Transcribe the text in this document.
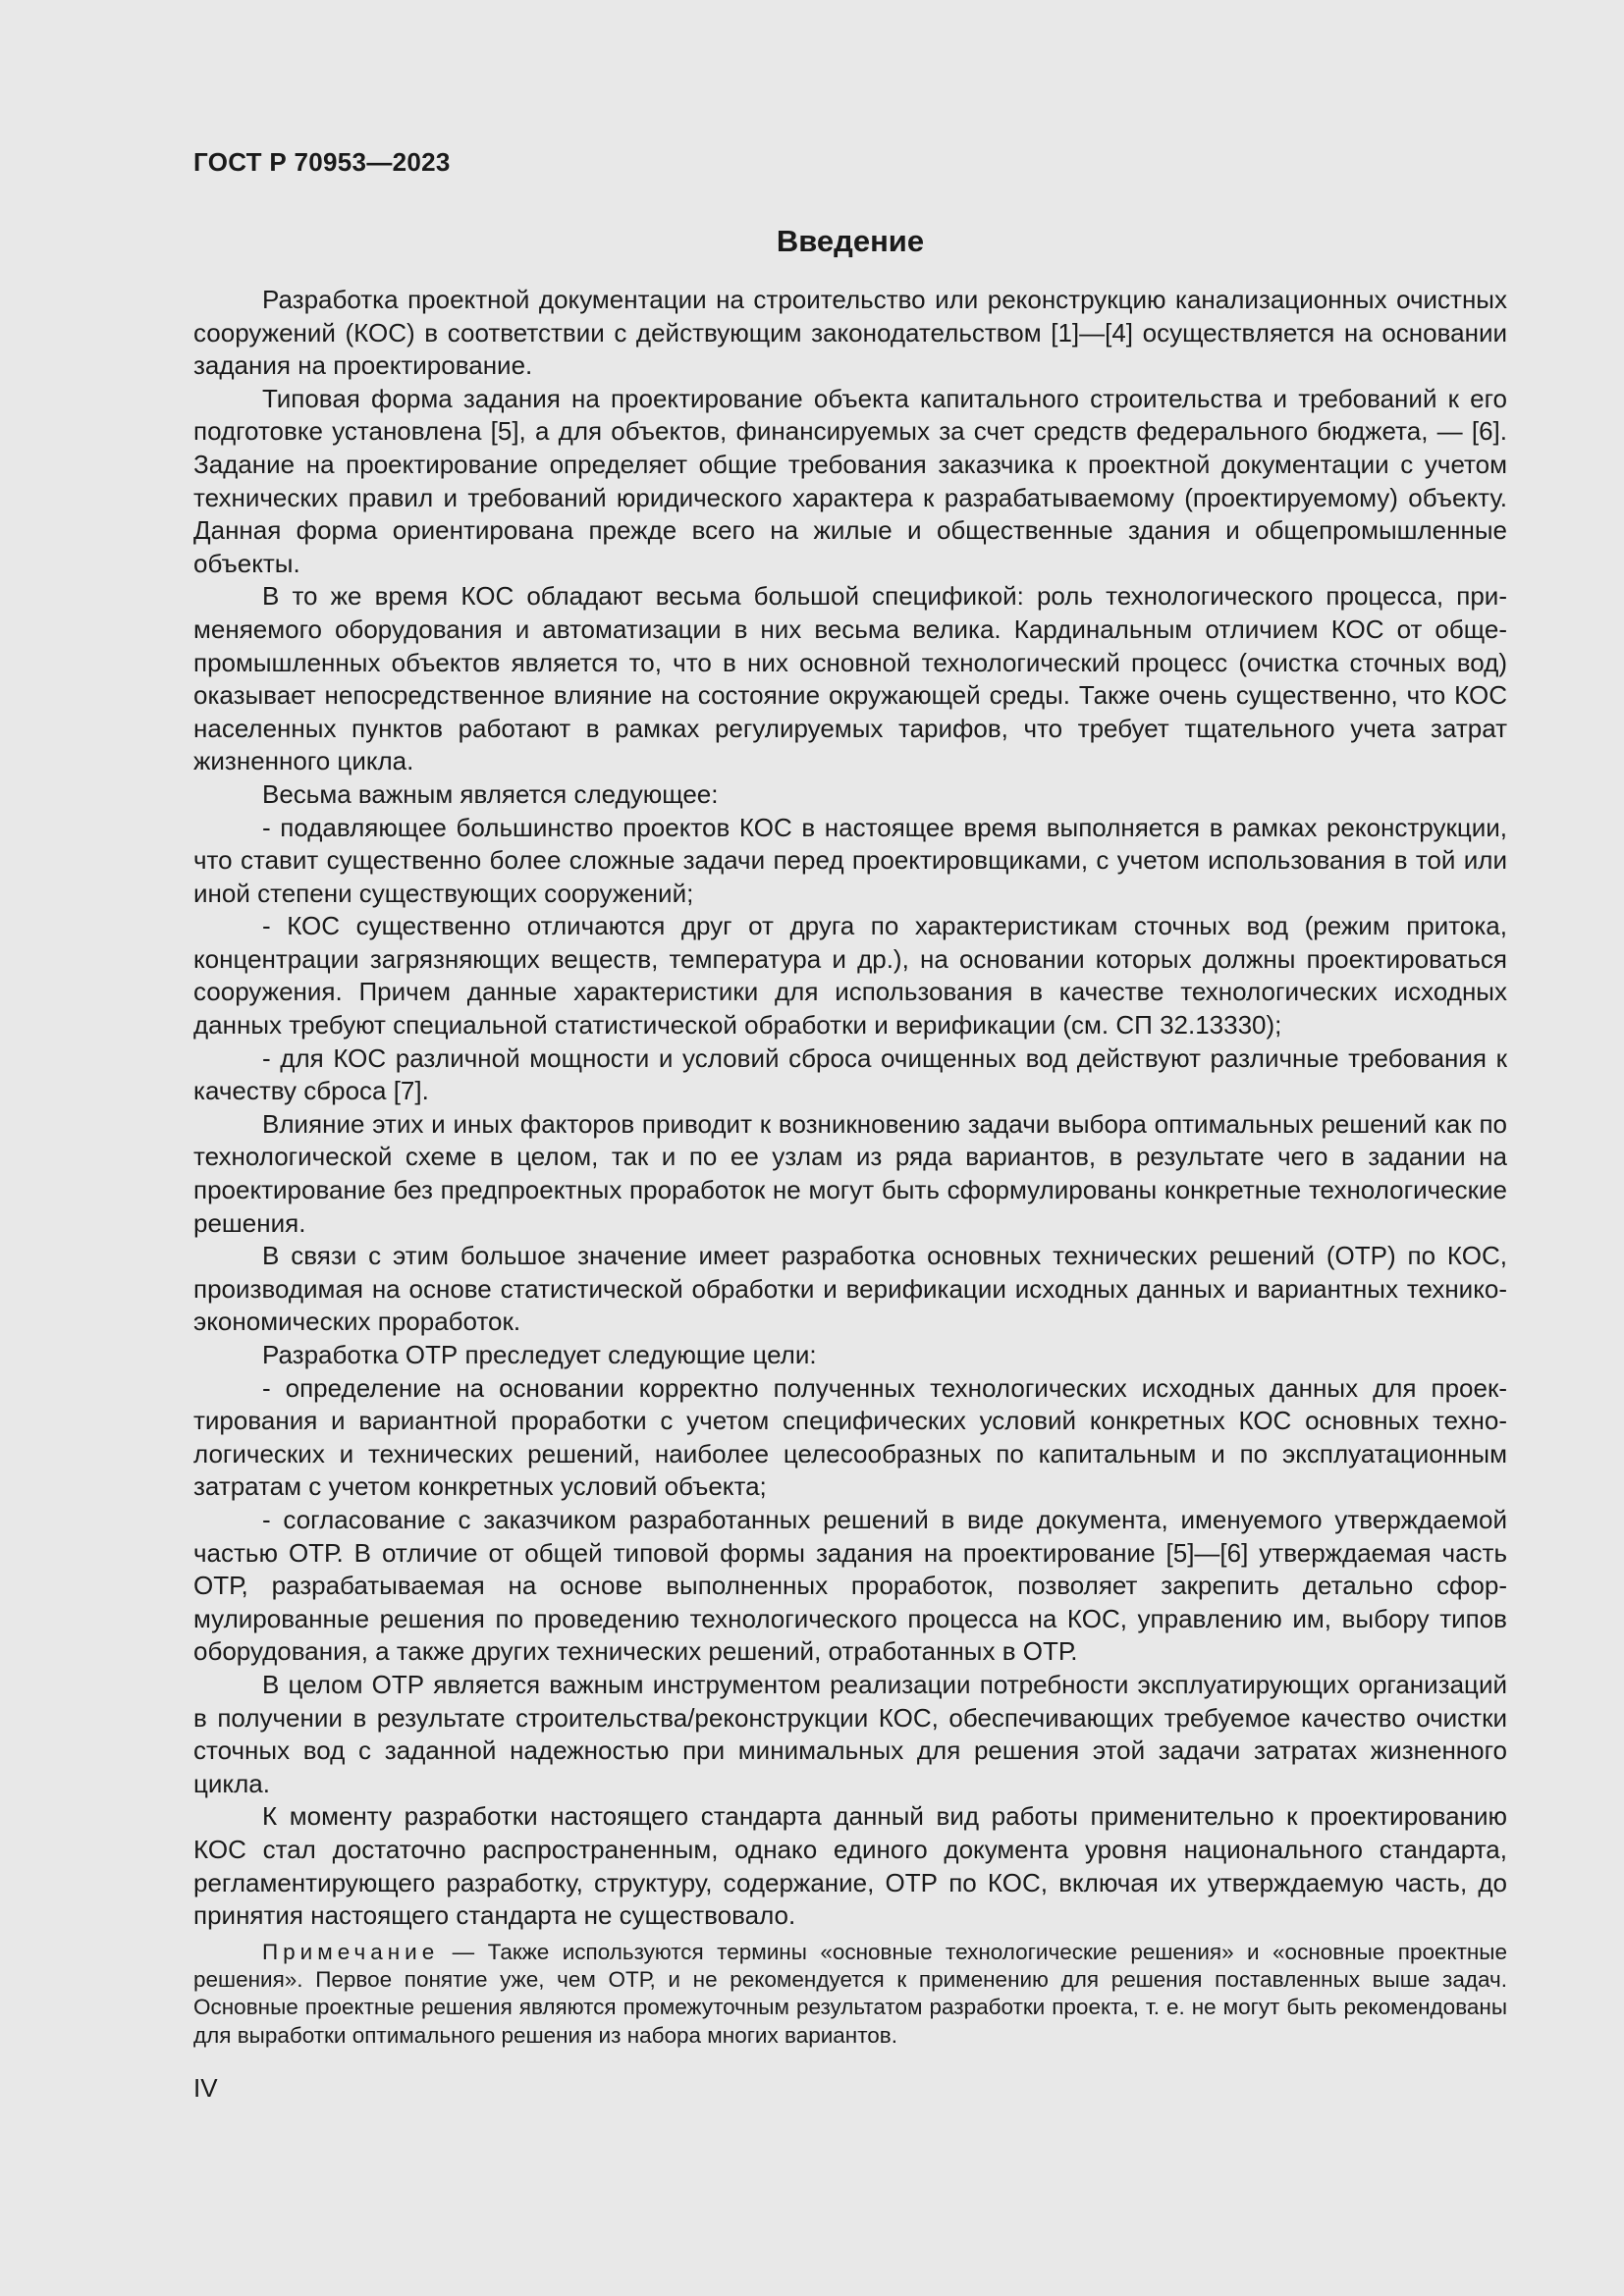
ГОСТ Р 70953—2023
Введение

Разработка проектной документации на строительство или реконструкцию канализационных очистных сооружений (КОС) в соответствии с действующим законодательством [1]—[4] осуществляется на основании задания на проектирование.

Типовая форма задания на проектирование объекта капитального строительства и требований к его подготовке установлена [5], а для объектов, финансируемых за счет средств федерального бюджета, — [6]. Задание на проектирование определяет общие требования заказчика к проектной документации с учетом технических правил и требований юридического характера к разрабатываемому (проектируемому) объекту. Данная форма ориентирована прежде всего на жилые и общественные здания и общепромышленные объекты.

В то же время КОС обладают весьма большой спецификой: роль технологического процесса, применяемого оборудования и автоматизации в них весьма велика. Кардинальным отличием КОС от общепромышленных объектов является то, что в них основной технологический процесс (очистка сточных вод) оказывает непосредственное влияние на состояние окружающей среды. Также очень существенно, что КОС населенных пунктов работают в рамках регулируемых тарифов, что требует тщательного учета затрат жизненного цикла.

Весьма важным является следующее:

- подавляющее большинство проектов КОС в настоящее время выполняется в рамках реконструкции, что ставит существенно более сложные задачи перед проектировщиками, с учетом использования в той или иной степени существующих сооружений;

- КОС существенно отличаются друг от друга по характеристикам сточных вод (режим притока, концентрации загрязняющих веществ, температура и др.), на основании которых должны проектироваться сооружения. Причем данные характеристики для использования в качестве технологических исходных данных требуют специальной статистической обработки и верификации (см. СП 32.13330);

- для КОС различной мощности и условий сброса очищенных вод действуют различные требования к качеству сброса [7].

Влияние этих и иных факторов приводит к возникновению задачи выбора оптимальных решений как по технологической схеме в целом, так и по ее узлам из ряда вариантов, в результате чего в задании на проектирование без предпроектных проработок не могут быть сформулированы конкретные технологические решения.

В связи с этим большое значение имеет разработка основных технических решений (ОТР) по КОС, производимая на основе статистической обработки и верификации исходных данных и вариантных технико-экономических проработок.

Разработка ОТР преследует следующие цели:

- определение на основании корректно полученных технологических исходных данных для проектирования и вариантной проработки с учетом специфических условий конкретных КОС основных технологических и технических решений, наиболее целесообразных по капитальным и по эксплуатационным затратам с учетом конкретных условий объекта;

- согласование с заказчиком разработанных решений в виде документа, именуемого утверждаемой частью ОТР. В отличие от общей типовой формы задания на проектирование [5]—[6] утверждаемая часть ОТР, разрабатываемая на основе выполненных проработок, позволяет закрепить детально сформулированные решения по проведению технологического процесса на КОС, управлению им, выбору типов оборудования, а также других технических решений, отработанных в ОТР.

В целом ОТР является важным инструментом реализации потребности эксплуатирующих организаций в получении в результате строительства/реконструкции КОС, обеспечивающих требуемое качество очистки сточных вод с заданной надежностью при минимальных для решения этой задачи затратах жизненного цикла.

К моменту разработки настоящего стандарта данный вид работы применительно к проектированию КОС стал достаточно распространенным, однако единого документа уровня национального стандарта, регламентирующего разработку, структуру, содержание, ОТР по КОС, включая их утверждаемую часть, до принятия настоящего стандарта не существовало.

Примечание — Также используются термины «основные технологические решения» и «основные проектные решения». Первое понятие уже, чем ОТР, и не рекомендуется к применению для решения поставленных выше задач. Основные проектные решения являются промежуточным результатом разработки проекта, т. е. не могут быть рекомендованы для выработки оптимального решения из набора многих вариантов.

IV
